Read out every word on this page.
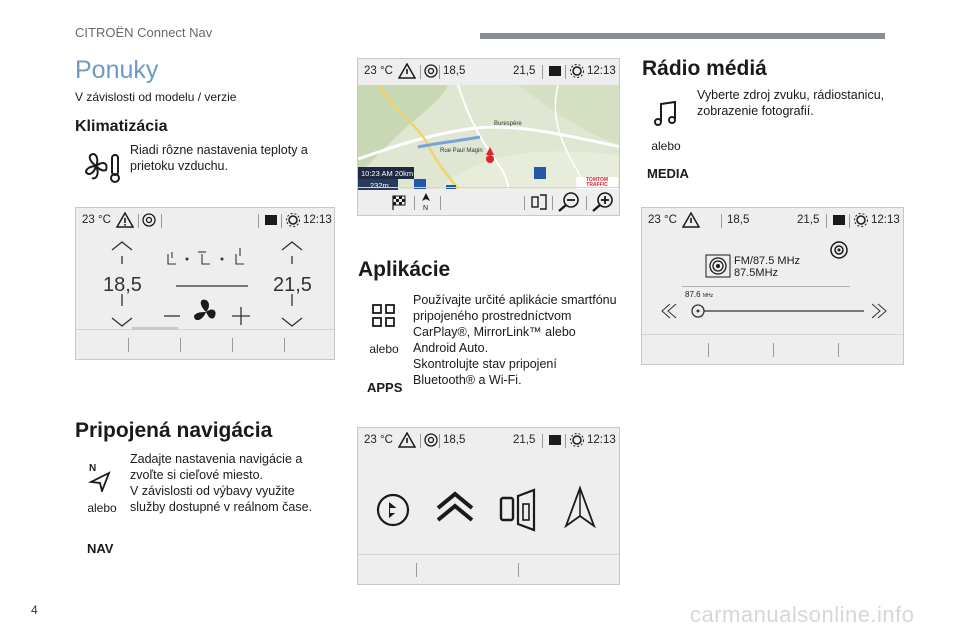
CITROËN Connect Nav
Ponuky
V závislosti od modelu / verzie
Klimatizácia
Riadi rôzne nastavenia teploty a
prietoku vzduchu.
23 °C	12:13
18,5	21,5
Pripojená navigácia
N
alebo
NAV
Zadajte nastavenia navigácie a
zvoľte si cieľové miesto.
V závislosti od výbavy využite
služby dostupné v reálnom čase.
23 °C	18,5	21,5	12:13
Rue Paul Magin
Burespère
10:23 AM 20km
232m
TOMTOM TRAFFIC
N
Aplikácie
alebo
APPS
Používajte určité aplikácie smartfónu
pripojeného prostredníctvom
CarPlay®, MirrorLink™ alebo
Android Auto.
Skontrolujte stav pripojení
Bluetooth® a Wi-Fi.
23 °C	18,5	21,5	12:13
Rádio médiá
alebo
MEDIA
Vyberte zdroj zvuku, rádiostanicu,
zobrazenie fotografií.
23 °C	18,5	21,5	12:13
FM/87.5 MHz
87.5MHz
87.6 MHz
4	carmanualsonline.info
